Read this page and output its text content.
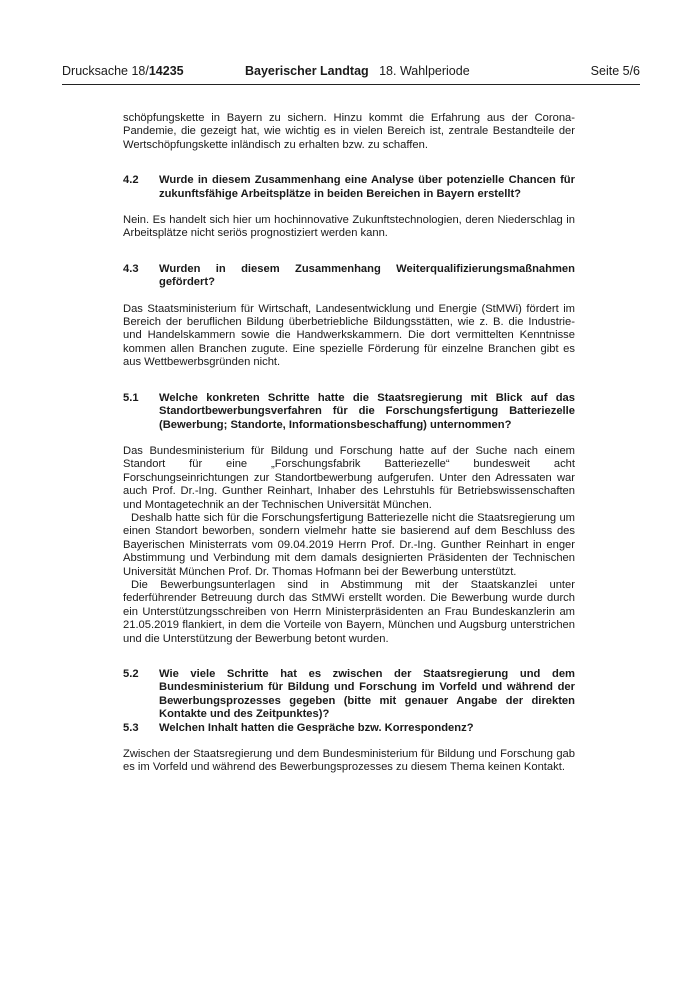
Drucksache 18/14235	Bayerischer Landtag 18. Wahlperiode	Seite 5/6

schöpfungskette in Bayern zu sichern. Hinzu kommt die Erfahrung aus der Corona-Pandemie, die gezeigt hat, wie wichtig es in vielen Bereich ist, zentrale Bestandteile der Wertschöpfungskette inländisch zu erhalten bzw. zu schaffen.

4.2	Wurde in diesem Zusammenhang eine Analyse über potenzielle Chancen für zukunftsfähige Arbeitsplätze in beiden Bereichen in Bayern erstellt?

Nein. Es handelt sich hier um hochinnovative Zukunftstechnologien, deren Niederschlag in Arbeitsplätze nicht seriös prognostiziert werden kann.

4.3	Wurden in diesem Zusammenhang Weiterqualifizierungsmaßnahmen gefördert?

Das Staatsministerium für Wirtschaft, Landesentwicklung und Energie (StMWi) fördert im Bereich der beruflichen Bildung überbetriebliche Bildungsstätten, wie z. B. die Industrie- und Handelskammern sowie die Handwerkskammern. Die dort vermittelten Kenntnisse kommen allen Branchen zugute. Eine spezielle Förderung für einzelne Branchen gibt es aus Wettbewerbsgründen nicht.

5.1	Welche konkreten Schritte hatte die Staatsregierung mit Blick auf das Standortbewerbungsverfahren für die Forschungsfertigung Batteriezelle (Bewerbung; Standorte, Informationsbeschaffung) unternommen?

Das Bundesministerium für Bildung und Forschung hatte auf der Suche nach einem Standort für eine „Forschungsfabrik Batteriezelle“ bundesweit acht Forschungseinrichtungen zur Standortbewerbung aufgerufen. Unter den Adressaten war auch Prof. Dr.-Ing. Gunther Reinhart, Inhaber des Lehrstuhls für Betriebswissenschaften und Montagetechnik an der Technischen Universität München.

Deshalb hatte sich für die Forschungsfertigung Batteriezelle nicht die Staatsregierung um einen Standort beworben, sondern vielmehr hatte sie basierend auf dem Beschluss des Bayerischen Ministerrats vom 09.04.2019 Herrn Prof. Dr.-Ing. Gunther Reinhart in enger Abstimmung und Verbindung mit dem damals designierten Präsidenten der Technischen Universität München Prof. Dr. Thomas Hofmann bei der Bewerbung unterstützt.

Die Bewerbungsunterlagen sind in Abstimmung mit der Staatskanzlei unter federführender Betreuung durch das StMWi erstellt worden. Die Bewerbung wurde durch ein Unterstützungsschreiben von Herrn Ministerpräsidenten an Frau Bundeskanzlerin am 21.05.2019 flankiert, in dem die Vorteile von Bayern, München und Augsburg unterstrichen und die Unterstützung der Bewerbung betont wurden.

5.2	Wie viele Schritte hat es zwischen der Staatsregierung und dem Bundesministerium für Bildung und Forschung im Vorfeld und während der Bewerbungsprozesses gegeben (bitte mit genauer Angabe der direkten Kontakte und des Zeitpunktes)?
5.3	Welchen Inhalt hatten die Gespräche bzw. Korrespondenz?

Zwischen der Staatsregierung und dem Bundesministerium für Bildung und Forschung gab es im Vorfeld und während des Bewerbungsprozesses zu diesem Thema keinen Kontakt.
